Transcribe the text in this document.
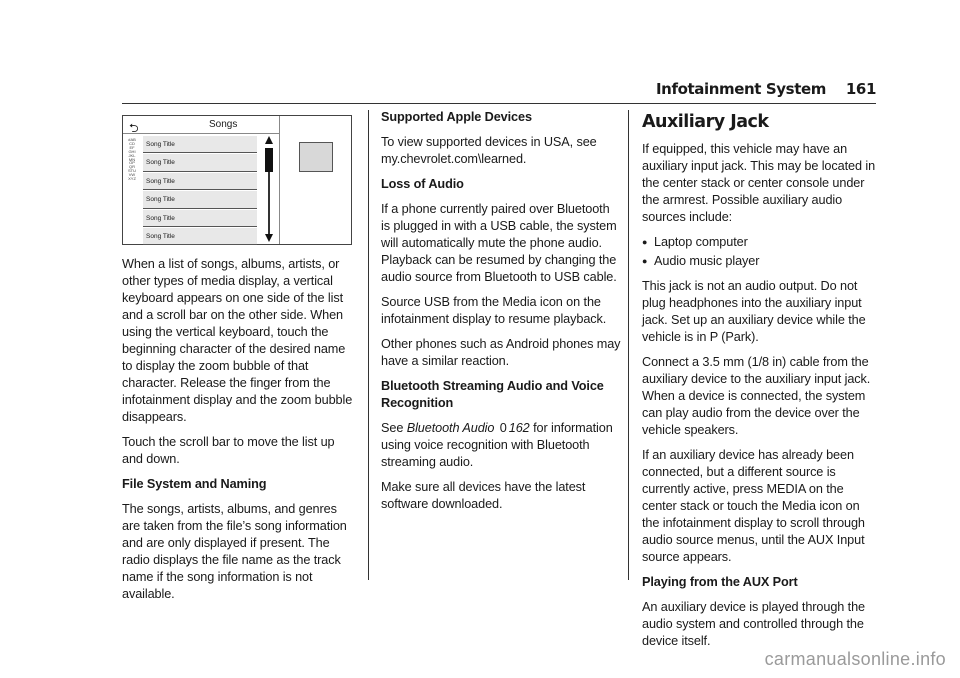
Infotainment System 161
⮌	Songs
#ABCDEFGHIJKLMNOPQRSTUVWXYZ
Song Title
Song Title
Song Title
Song Title
Song Title
Song Title

When a list of songs, albums, artists, or other types of media display, a vertical keyboard appears on one side of the list and a scroll bar on the other side. When using the vertical keyboard, touch the beginning character of the desired name to display the zoom bubble of that character. Release the finger from the infotainment display and the zoom bubble disappears.

Touch the scroll bar to move the list up and down.

File System and Naming

The songs, artists, albums, and genres are taken from the file’s song information and are only displayed if present. The radio displays the file name as the track name if the song information is not available.

Supported Apple Devices

To view supported devices in USA, see my.chevrolet.com\learned.

Loss of Audio

If a phone currently paired over Bluetooth is plugged in with a USB cable, the system will automatically mute the phone audio. Playback can be resumed by changing the audio source from Bluetooth to USB cable.

Source USB from the Media icon on the infotainment display to resume playback.

Other phones such as Android phones may have a similar reaction.

Bluetooth Streaming Audio and Voice Recognition

See Bluetooth Audio 0 162 for information using voice recognition with Bluetooth streaming audio.

Make sure all devices have the latest software downloaded.

Auxiliary Jack

If equipped, this vehicle may have an auxiliary input jack. This may be located in the center stack or center console under the armrest. Possible auxiliary audio sources include:

● Laptop computer
● Audio music player

This jack is not an audio output. Do not plug headphones into the auxiliary input jack. Set up an auxiliary device while the vehicle is in P (Park).

Connect a 3.5 mm (1/8 in) cable from the auxiliary device to the auxiliary input jack. When a device is connected, the system can play audio from the device over the vehicle speakers.

If an auxiliary device has already been connected, but a different source is currently active, press MEDIA on the center stack or touch the Media icon on the infotainment display to scroll through audio source menus, until the AUX Input source appears.

Playing from the AUX Port

An auxiliary device is played through the audio system and controlled through the device itself.

carmanualsonline.info
